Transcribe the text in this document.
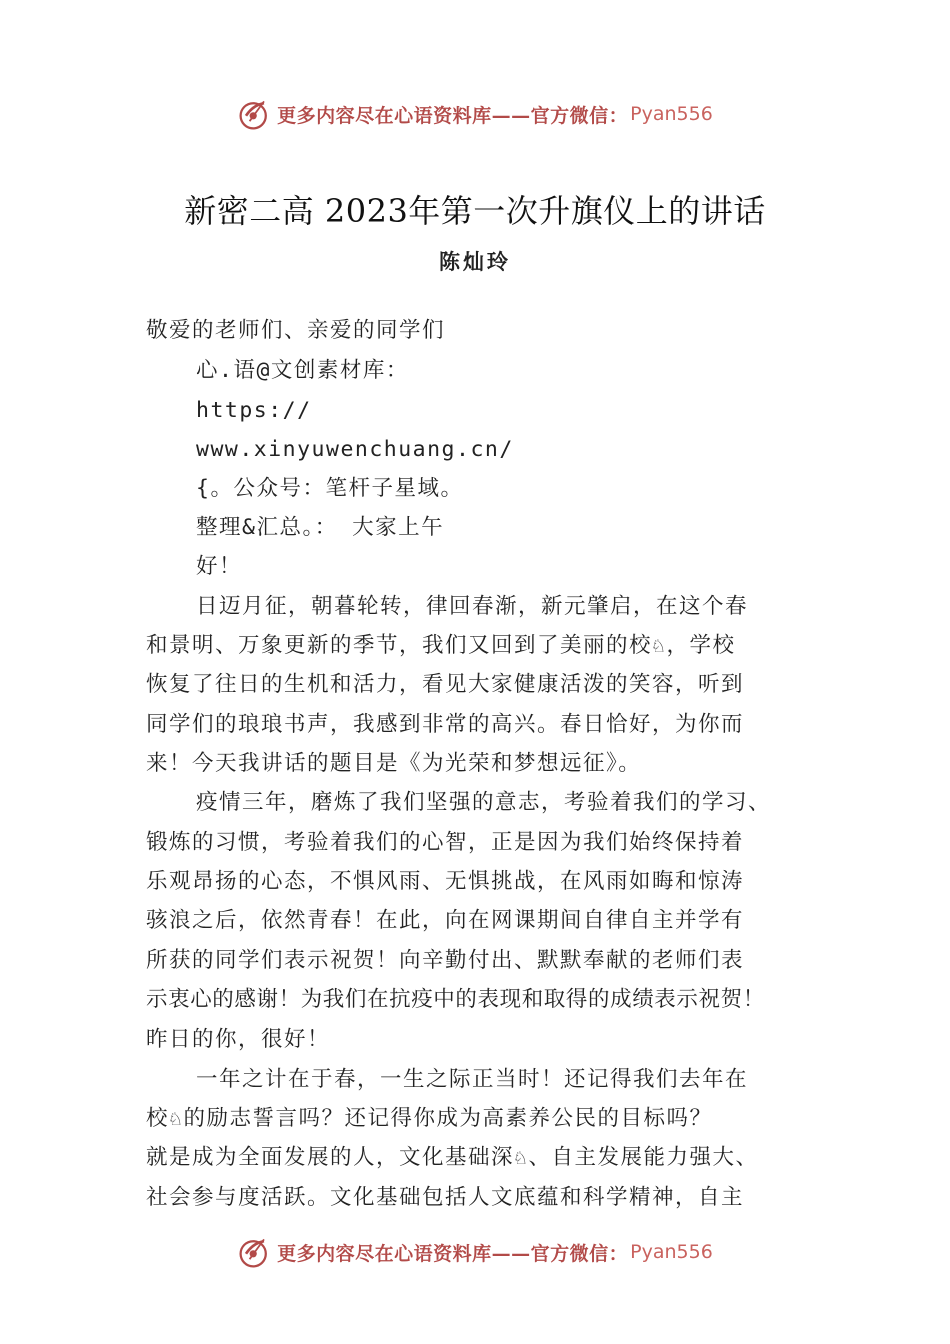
更多内容尽在心语资料库——官方微信： Pyan556
新密二高 2023年第一次升旗仪上的讲话
陈灿玲
敬爱的老师们、亲爱的同学们
心.语@文创素材库：
https://
www.xinyuwenchuang.cn/
{。公众号：笔杆子星域。
整理&汇总。： 大家上午
好！
日迈月征，朝暮轮转，律回春渐，新元肇启，在这个春
和景明、万象更新的季节，我们又回到了美丽的校♘，学校
恢复了往日的生机和活力，看见大家健康活泼的笑容，听到
同学们的琅琅书声，我感到非常的高兴。春日恰好，为你而
来！今天我讲话的题目是《为光荣和梦想远征》。
疫情三年，磨炼了我们坚强的意志，考验着我们的学习、
锻炼的习惯，考验着我们的心智，正是因为我们始终保持着
乐观昂扬的心态，不惧风雨、无惧挑战，在风雨如晦和惊涛
骇浪之后，依然青春！在此，向在网课期间自律自主并学有
所获的同学们表示祝贺！向辛勤付出、默默奉献的老师们表
示衷心的感谢！为我们在抗疫中的表现和取得的成绩表示祝贺！
昨日的你，很好！
一年之计在于春，一生之际正当时！还记得我们去年在
校♘的励志誓言吗？还记得你成为高素养公民的目标吗？
就是成为全面发展的人，文化基础深♘、自主发展能力强大、
社会参与度活跃。文化基础包括人文底蕴和科学精神，自主
更多内容尽在心语资料库——官方微信： Pyan556
